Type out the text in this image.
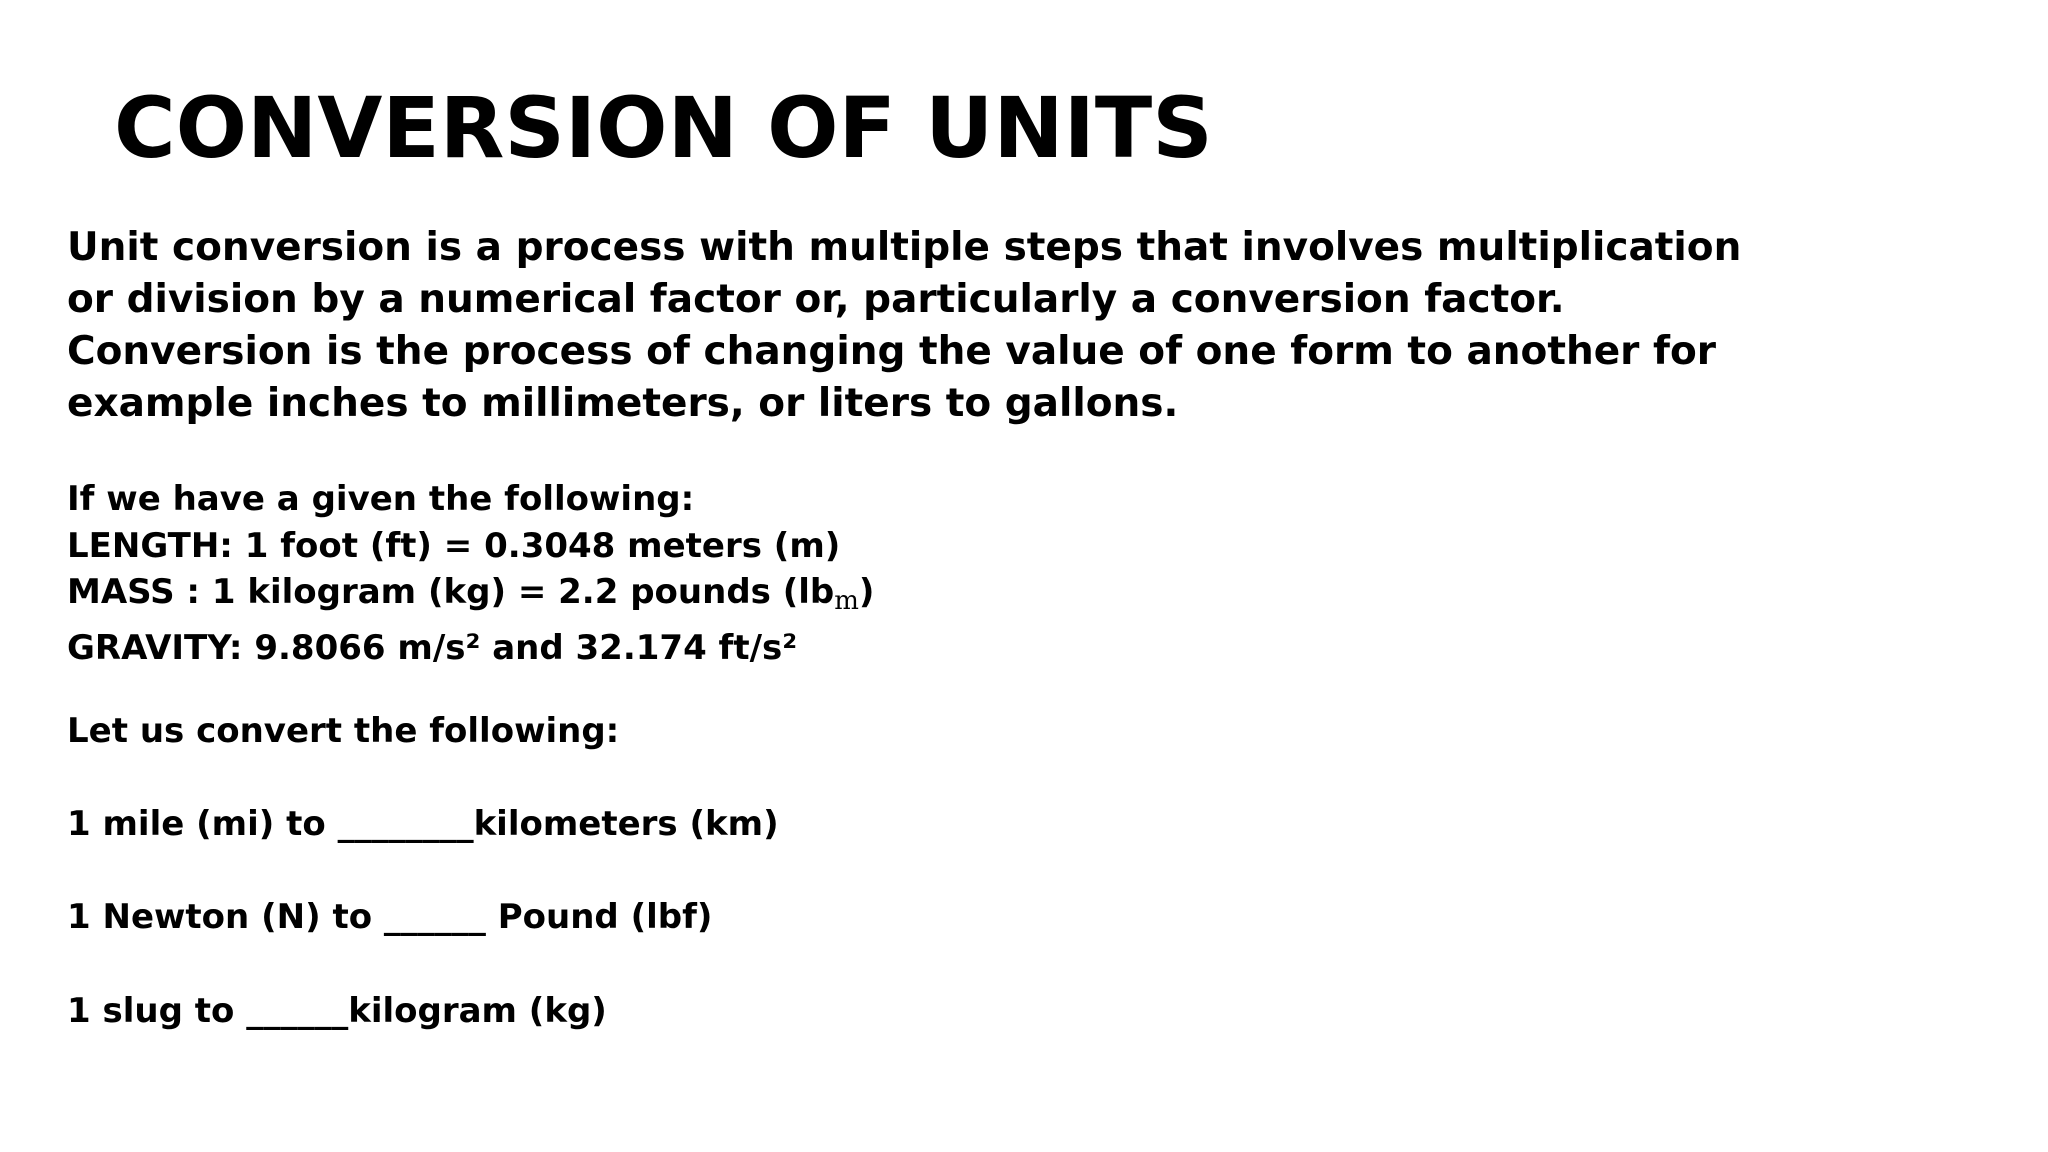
CONVERSION OF UNITS
Unit conversion is a process with multiple steps that involves multiplication
or division by a numerical factor or, particularly a conversion factor.
Conversion is the process of changing the value of one form to another for
example inches to millimeters, or liters to gallons.
If we have a given the following:
LENGTH: 1 foot (ft) = 0.3048 meters (m)
MASS : 1 kilogram (kg) = 2.2 pounds (lbm)
GRAVITY: 9.8066 m/s² and 32.174 ft/s²
Let us convert the following:
1 mile (mi) to ________kilometers (km)
1 Newton (N) to ______ Pound (lbf)
1 slug to ______kilogram (kg)
